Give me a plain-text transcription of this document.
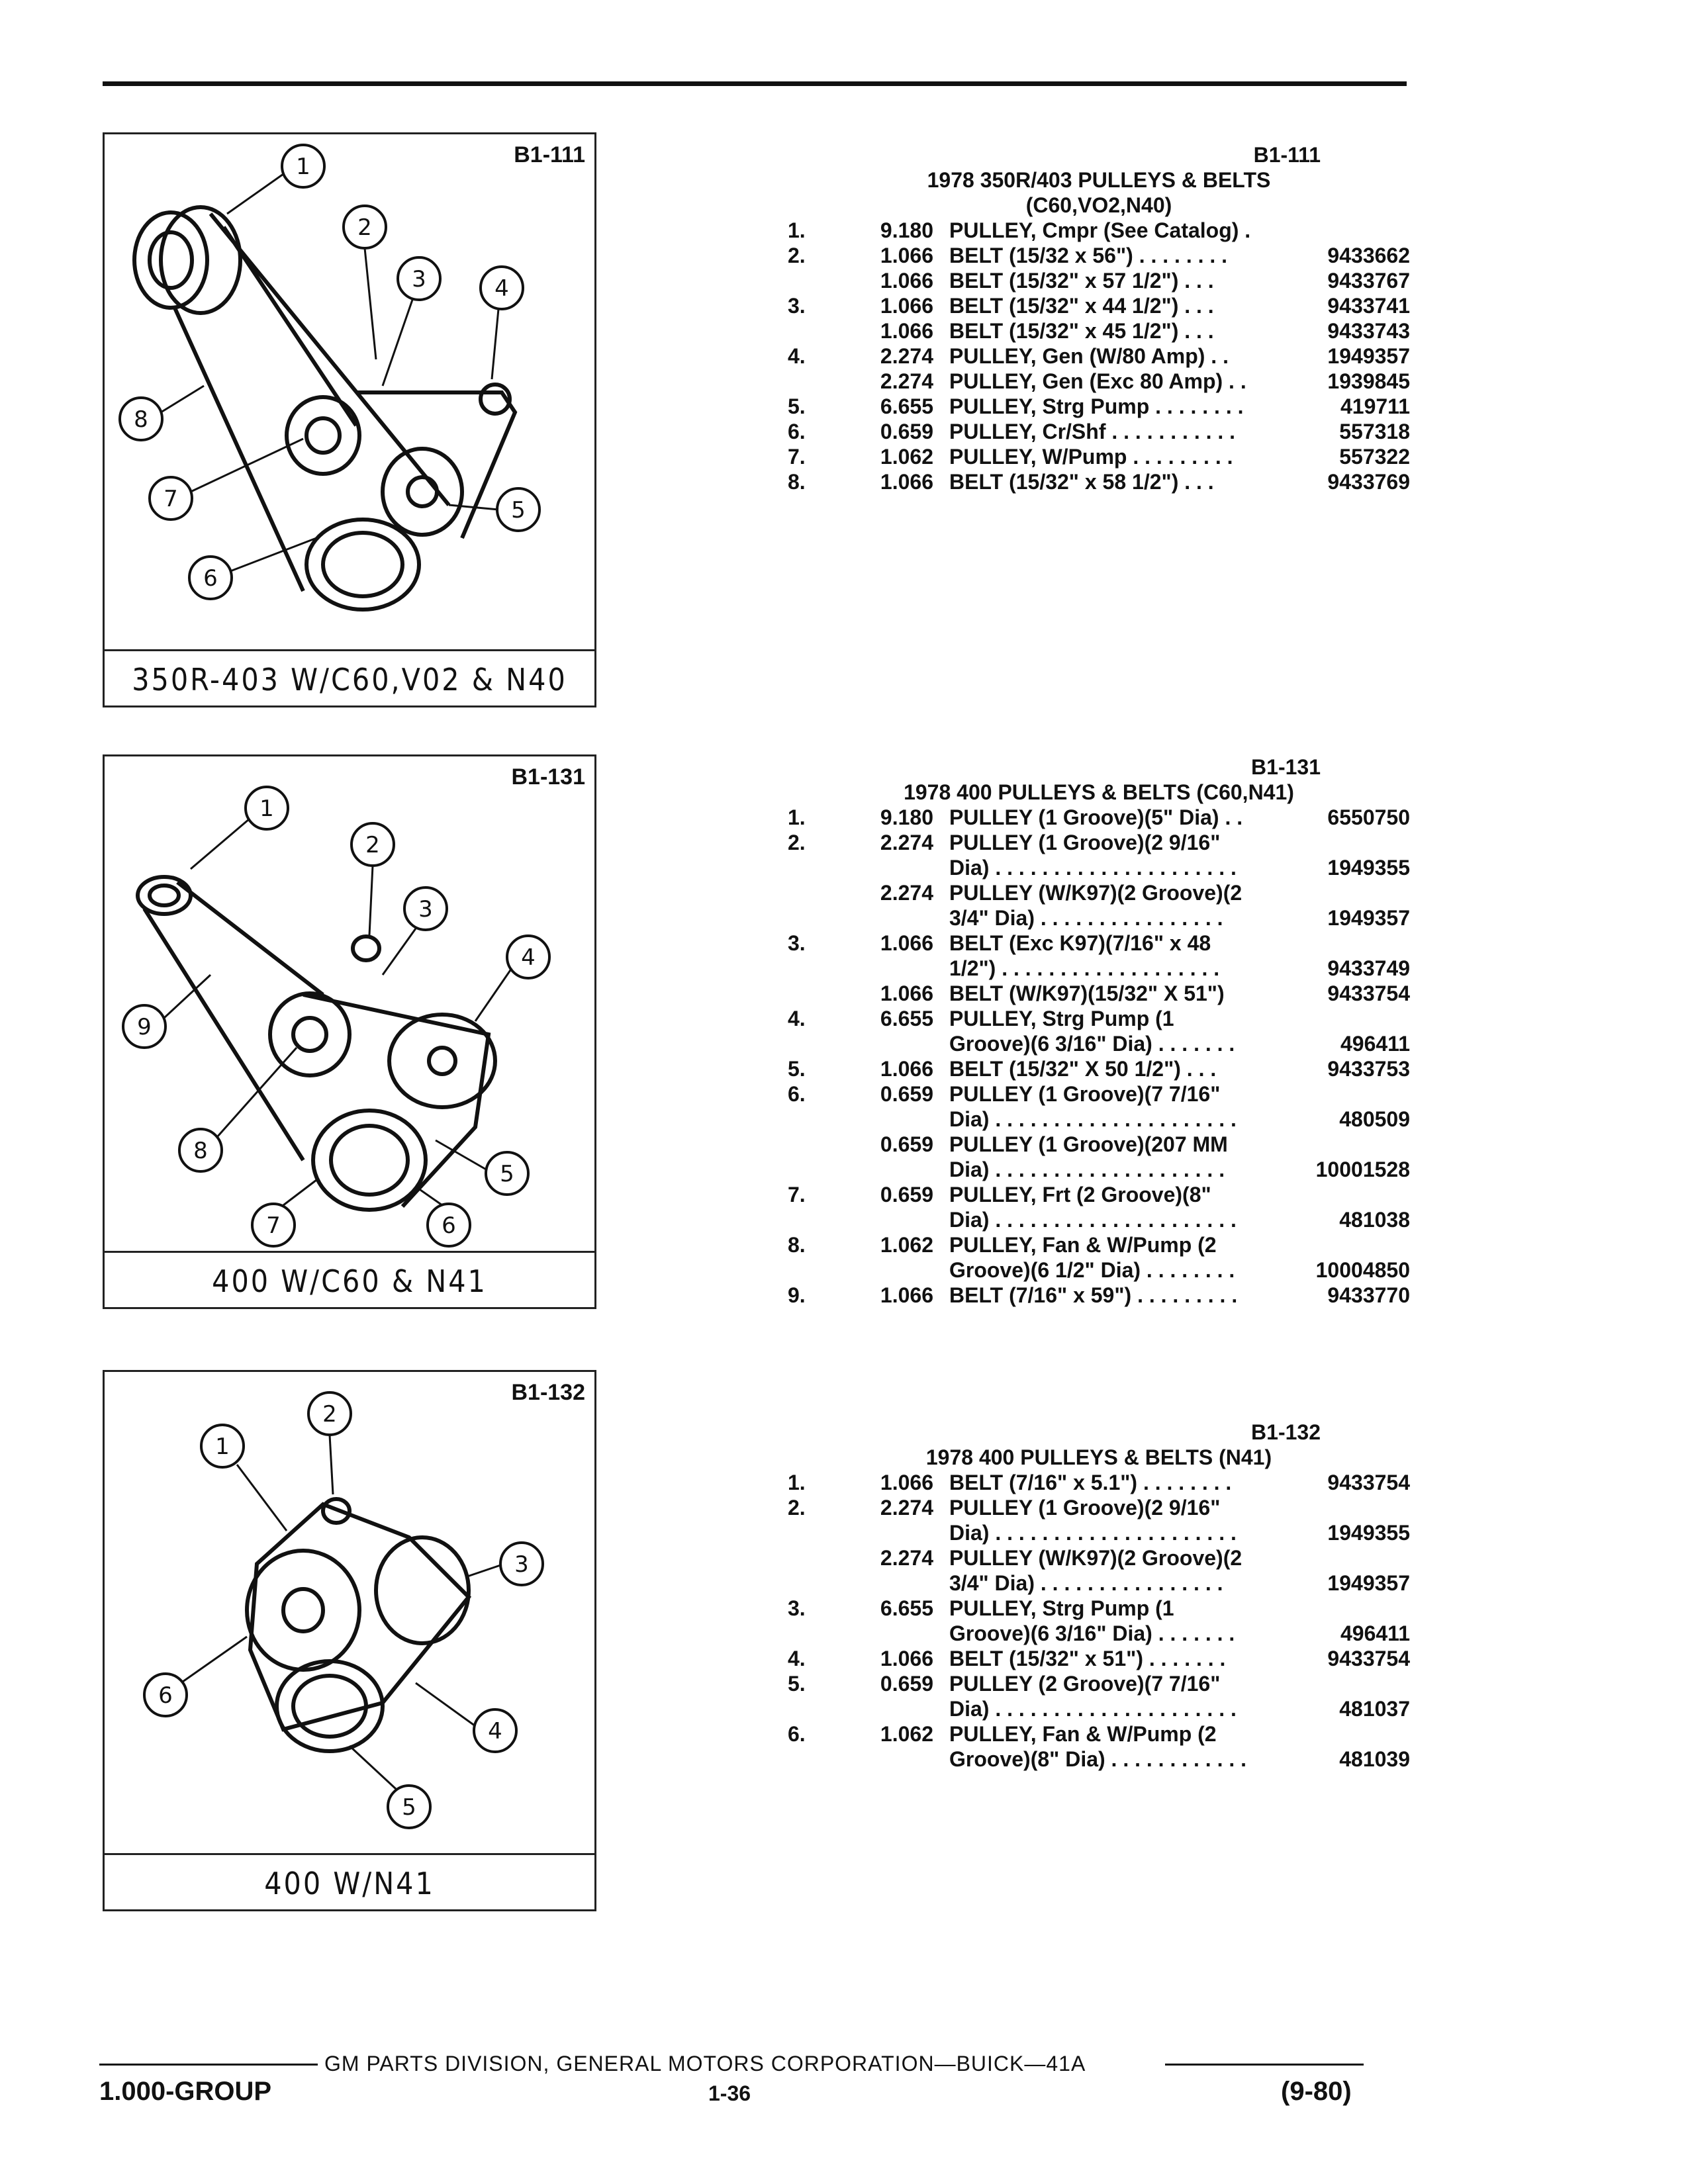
B1-111
1
2
3	4
5
6
7
8
350R-403 W/C60,V02 & N40
B1-131
1
2
3
4
5
6
7
8
9
400 W/C60 & N41
B1-132
1
2
3
4
5
6
400 W/N41
B1-111
1978 350R/403 PULLEYS & BELTS
(C60,VO2,N40)
1.	9.180 PULLEY, Cmpr (See Catalog) .
2.	1.066 BELT (15/32 x 56") . . . . . . . .	9433662
1.066 BELT (15/32" x 57 1/2") . . .	9433767
3.	1.066 BELT (15/32" x 44 1/2") . . .	9433741
1.066 BELT (15/32" x 45 1/2") . . .	9433743
4.	2.274 PULLEY, Gen (W/80 Amp) . .	1949357
2.274 PULLEY, Gen (Exc 80 Amp) . .	1939845
5.	6.655 PULLEY, Strg Pump . . . . . . . .	419711
6.	0.659 PULLEY, Cr/Shf . . . . . . . . . . .	557318
7.	1.062 PULLEY, W/Pump . . . . . . . . .	557322
8.	1.066 BELT (15/32" x 58 1/2") . . .	9433769
B1-131
1978 400 PULLEYS & BELTS (C60,N41)
1.	9.180 PULLEY (1 Groove)(5" Dia) . .	6550750
2.	2.274 PULLEY (1 Groove)(2 9/16"
Dia) . . . . . . . . . . . . . . . . . . . . .	1949355
2.274 PULLEY (W/K97)(2 Groove)(2
3/4" Dia) . . . . . . . . . . . . . . . .	1949357
3.	1.066 BELT (Exc K97)(7/16" x 48
1/2") . . . . . . . . . . . . . . . . . . .	9433749
1.066 BELT (W/K97)(15/32" X 51")	9433754
4.	6.655 PULLEY, Strg Pump (1
Groove)(6 3/16" Dia) . . . . . . .	496411
5.	1.066 BELT (15/32" X 50 1/2") . . .	9433753
6.	0.659 PULLEY (1 Groove)(7 7/16"
Dia) . . . . . . . . . . . . . . . . . . . . .	480509
0.659 PULLEY (1 Groove)(207 MM
Dia) . . . . . . . . . . . . . . . . . . . .	10001528
7.	0.659 PULLEY, Frt (2 Groove)(8"
Dia) . . . . . . . . . . . . . . . . . . . . .	481038
8.	1.062 PULLEY, Fan & W/Pump (2
Groove)(6 1/2" Dia) . . . . . . . .	10004850
9.	1.066 BELT (7/16" x 59") . . . . . . . . .	9433770
B1-132
1978 400 PULLEYS & BELTS (N41)
1.	1.066 BELT (7/16" x 5.1") . . . . . . . .	9433754
2.	2.274 PULLEY (1 Groove)(2 9/16"
Dia) . . . . . . . . . . . . . . . . . . . . .	1949355
2.274 PULLEY (W/K97)(2 Groove)(2
3/4" Dia) . . . . . . . . . . . . . . . .	1949357
3.	6.655 PULLEY, Strg Pump (1
Groove)(6 3/16" Dia) . . . . . . .	496411
4.	1.066 BELT (15/32" x 51") . . . . . . .	9433754
5.	0.659 PULLEY (2 Groove)(7 7/16"
Dia) . . . . . . . . . . . . . . . . . . . . .	481037
6.	1.062 PULLEY, Fan & W/Pump (2
Groove)(8" Dia) . . . . . . . . . . . .	481039
GM PARTS DIVISION, GENERAL MOTORS CORPORATION—BUICK—41A
1.000-GROUP	1-36	(9-80)
